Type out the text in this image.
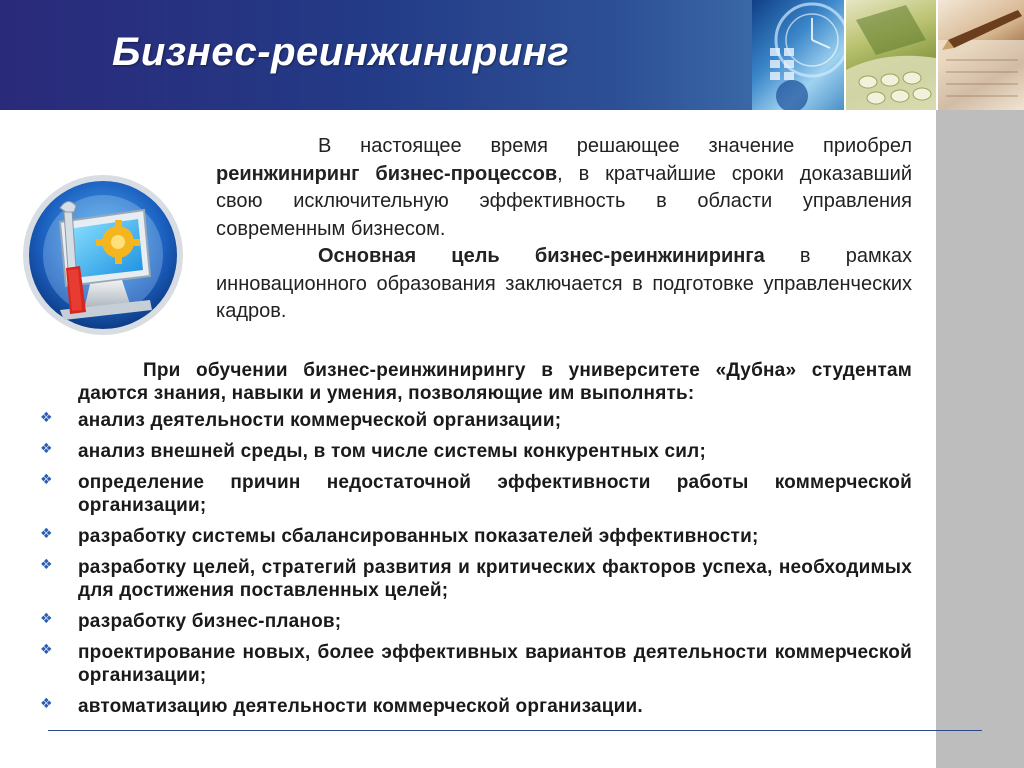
Бизнес-реинжиниринг

В настоящее время решающее значение приобрел реинжиниринг бизнес-процессов, в кратчайшие сроки доказавший свою исключительную эффективность в области управления современным бизнесом.

Основная цель бизнес-реинжиниринга в рамках инновационного образования заключается в подготовке управленческих кадров.

При обучении бизнес-реинжинирингу в университете «Дубна» студентам даются знания, навыки и умения, позволяющие им выполнять:

❖ анализ деятельности коммерческой организации;
❖ анализ внешней среды, в том числе системы конкурентных сил;
❖ определение причин недостаточной эффективности работы коммерческой организации;
❖ разработку системы сбалансированных показателей эффективности;
❖ разработку целей, стратегий развития и критических факторов успеха, необходимых для достижения поставленных целей;
❖ разработку бизнес-планов;
❖ проектирование новых, более эффективных вариантов деятельности коммерческой организации;
❖ автоматизацию деятельности коммерческой организации.
